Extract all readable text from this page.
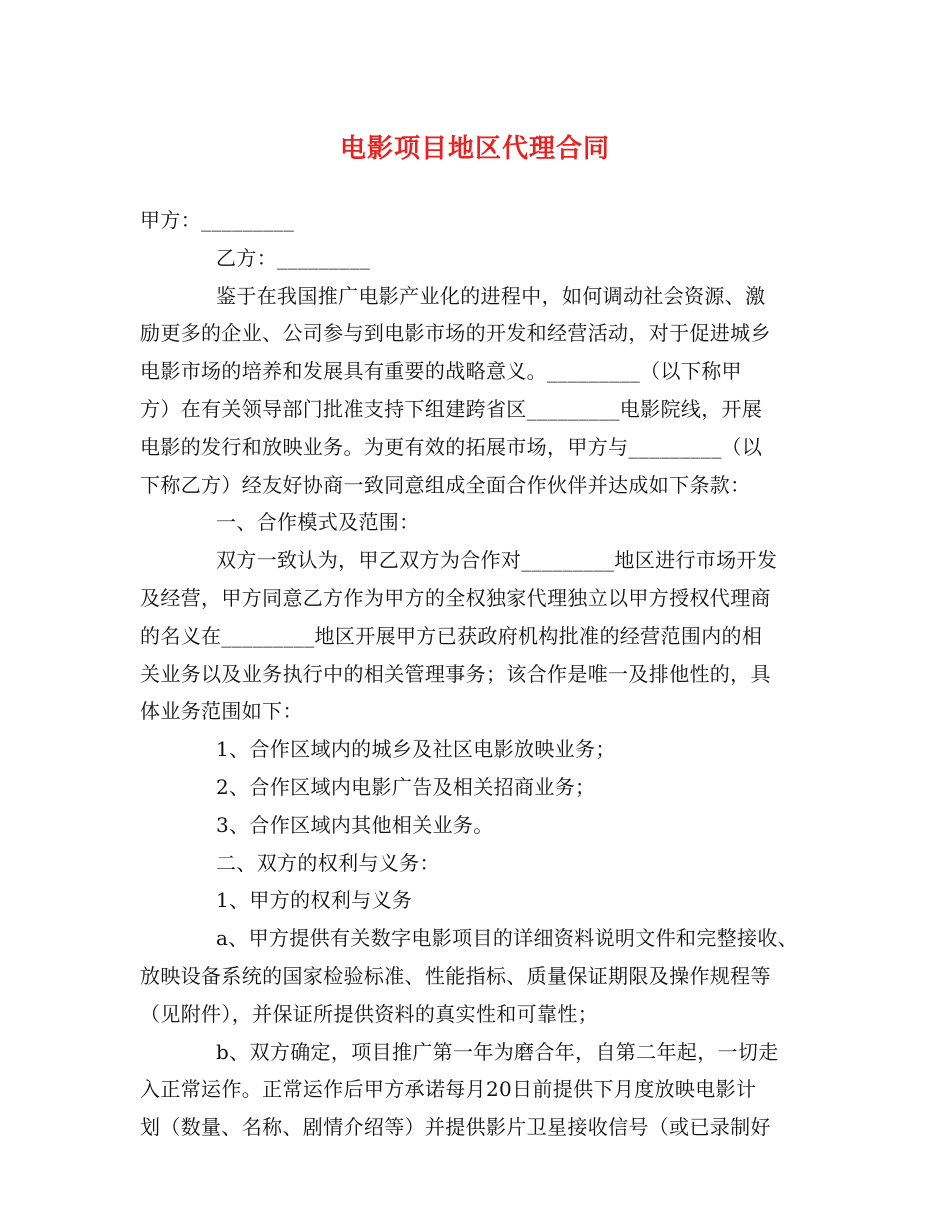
电影项目地区代理合同
甲方：_________
乙方：_________
鉴于在我国推广电影产业化的进程中，如何调动社会资源、激
励更多的企业、公司参与到电影市场的开发和经营活动，对于促进城乡
电影市场的培养和发展具有重要的战略意义。_________（以下称甲
方）在有关领导部门批准支持下组建跨省区_________电影院线，开展
电影的发行和放映业务。为更有效的拓展市场，甲方与_________（以
下称乙方）经友好协商一致同意组成全面合作伙伴并达成如下条款：
一、合作模式及范围：
双方一致认为，甲乙双方为合作对_________地区进行市场开发
及经营，甲方同意乙方作为甲方的全权独家代理独立以甲方授权代理商
的名义在_________地区开展甲方已获政府机构批准的经营范围内的相
关业务以及业务执行中的相关管理事务；该合作是唯一及排他性的，具
体业务范围如下：
1、合作区域内的城乡及社区电影放映业务；
2、合作区域内电影广告及相关招商业务；
3、合作区域内其他相关业务。
二、双方的权利与义务：
1、甲方的权利与义务
a、甲方提供有关数字电影项目的详细资料说明文件和完整接收、
放映设备系统的国家检验标准、性能指标、质量保证期限及操作规程等
（见附件），并保证所提供资料的真实性和可靠性；
b、双方确定，项目推广第一年为磨合年，自第二年起，一切走
入正常运作。正常运作后甲方承诺每月20日前提供下月度放映电影计
划（数量、名称、剧情介绍等）并提供影片卫星接收信号（或已录制好
